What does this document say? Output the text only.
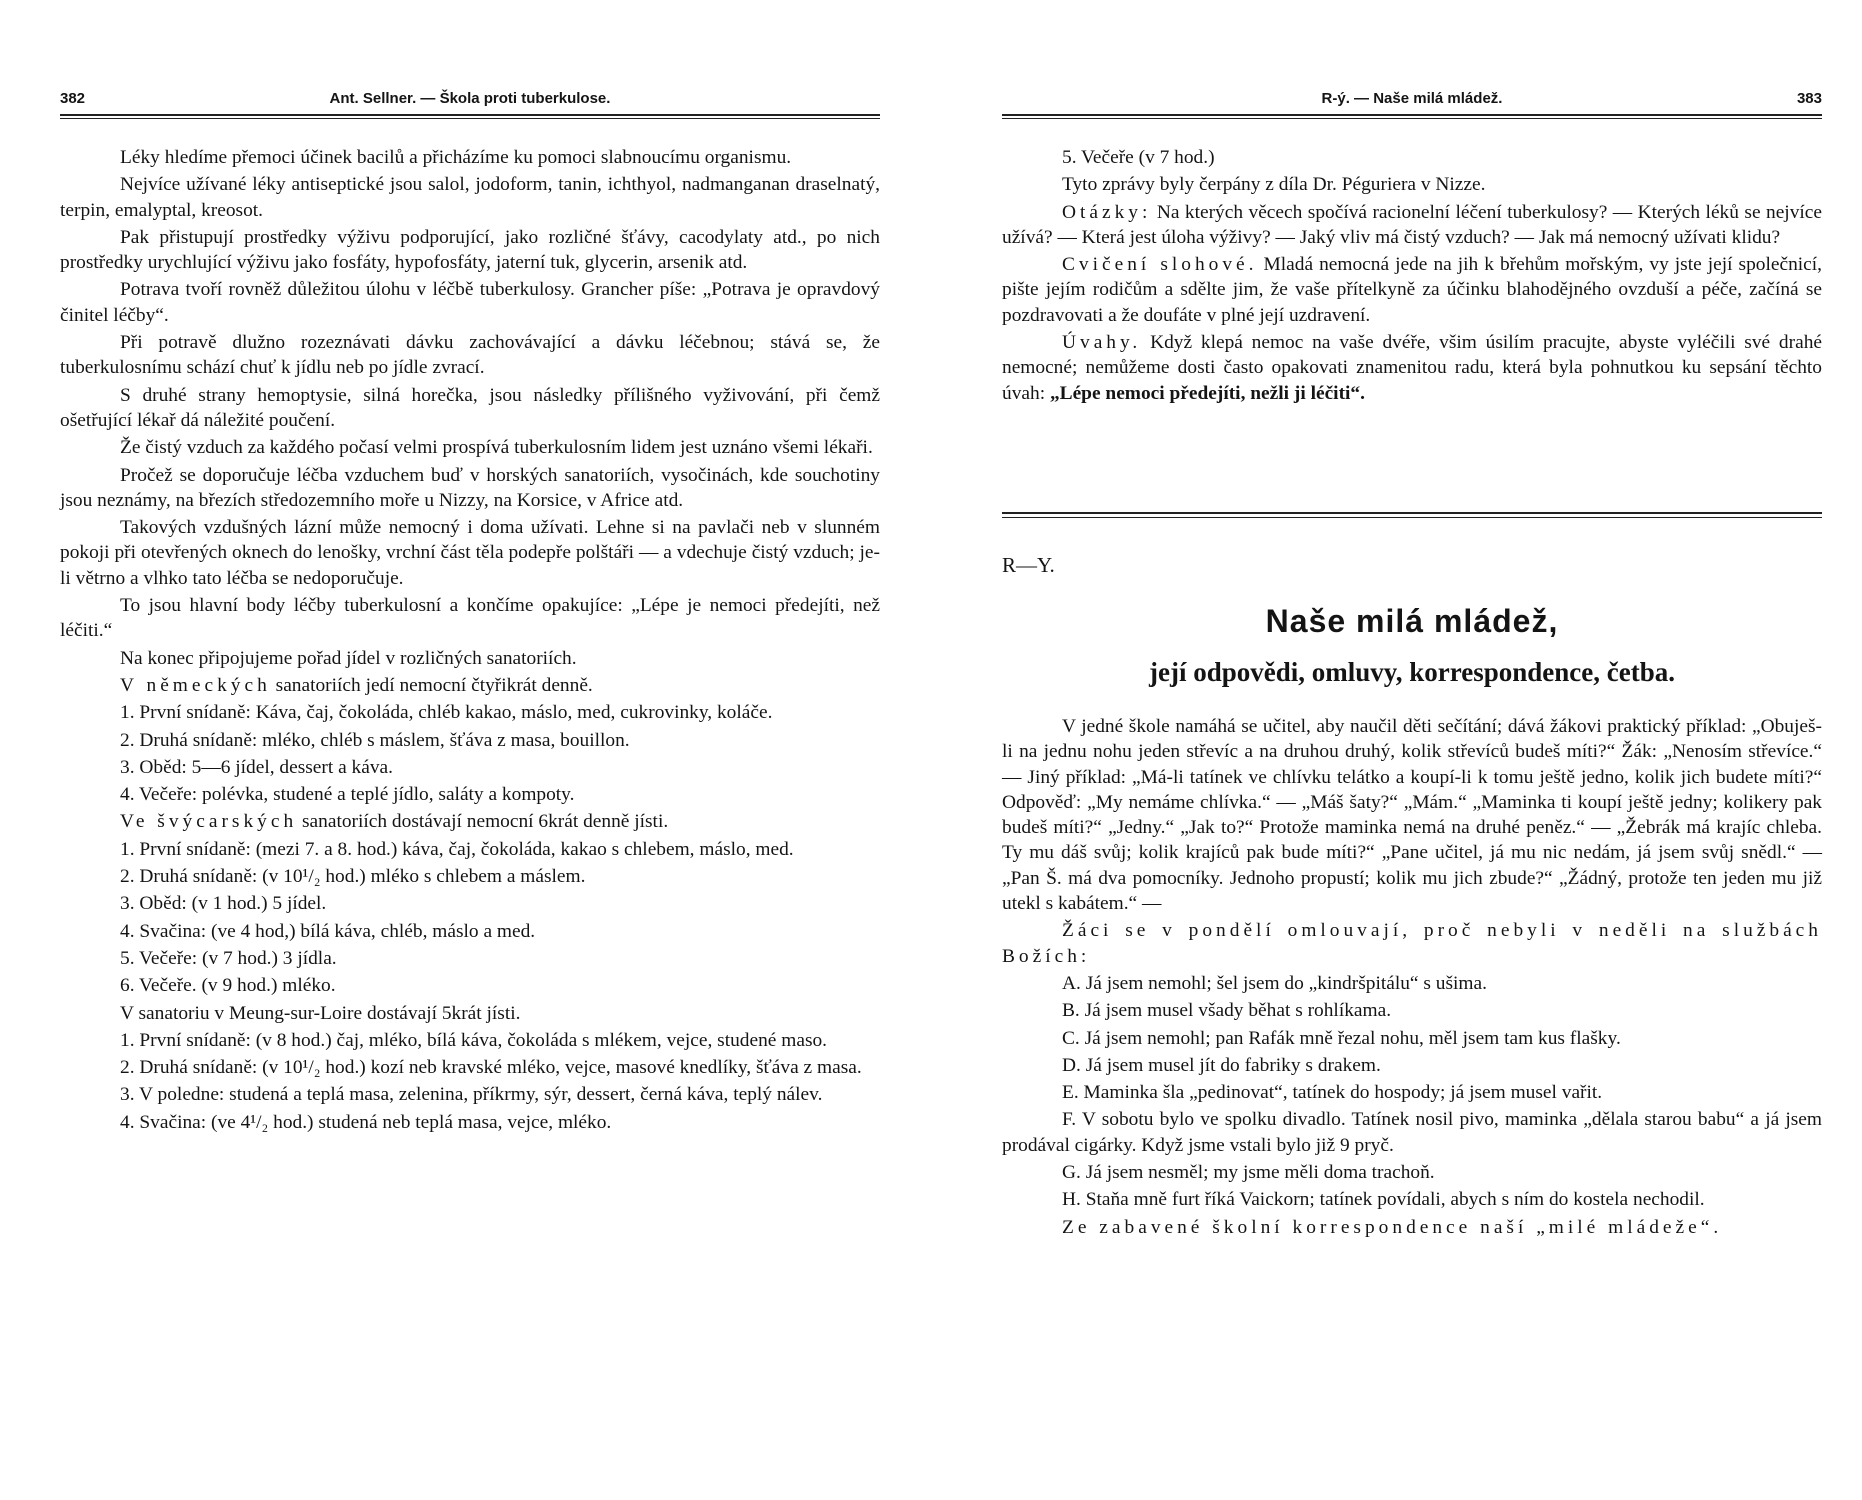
382	Ant. Sellner. — Škola proti tuberkulose.

Léky hledíme přemoci účinek bacilů a přicházíme ku pomoci slabnoucímu organismu.

Nejvíce užívané léky antiseptické jsou salol, jodoform, tanin, ichthyol, nadmanganan draselnatý, terpin, emalyptal, kreosot.

Pak přistupují prostředky výživu podporující, jako rozličné šťávy, cacodylaty atd., po nich prostředky urychlující výživu jako fosfáty, hypofosfáty, jaterní tuk, glycerin, arsenik atd.

Potrava tvoří rovněž důležitou úlohu v léčbě tuberkulosy. Grancher píše: „Potrava je opravdový činitel léčby“.

Při potravě dlužno rozeznávati dávku zachovávající a dávku léčebnou; stává se, že tuberkulosnímu schází chuť k jídlu neb po jídle zvrací.

S druhé strany hemoptysie, silná horečka, jsou následky přílišného vyživování, při čemž ošetřující lékař dá náležité poučení.

Že čistý vzduch za každého počasí velmi prospívá tuberkulosním lidem jest uznáno všemi lékaři.

Pročež se doporučuje léčba vzduchem buď v horských sanatoriích, vysočinách, kde souchotiny jsou neznámy, na březích středozemního moře u Nizzy, na Korsice, v Africe atd.

Takových vzdušných lázní může nemocný i doma užívati. Lehne si na pavlači neb v slunném pokoji při otevřených oknech do lenošky, vrchní část těla podepře polštáři — a vdechuje čistý vzduch; je-li větrno a vlhko tato léčba se nedoporučuje.

To jsou hlavní body léčby tuberkulosní a končíme opakujíce: „Lépe je nemoci předejíti, než léčiti.“

Na konec připojujeme pořad jídel v rozličných sanatoriích.

V německých sanatoriích jedí nemocní čtyřikrát denně.

1. První snídaně: Káva, čaj, čokoláda, chléb kakao, máslo, med, cukrovinky, koláče.

2. Druhá snídaně: mléko, chléb s máslem, šťáva z masa, bouillon.

3. Oběd: 5—6 jídel, dessert a káva.

4. Večeře: polévka, studené a teplé jídlo, saláty a kompoty.

Ve švýcarských sanatoriích dostávají nemocní 6krát denně jísti.

1. První snídaně: (mezi 7. a 8. hod.) káva, čaj, čokoláda, kakao s chlebem, máslo, med.

2. Druhá snídaně: (v 10¹/₂ hod.) mléko s chlebem a máslem.

3. Oběd: (v 1 hod.) 5 jídel.

4. Svačina: (ve 4 hod,) bílá káva, chléb, máslo a med.

5. Večeře: (v 7 hod.) 3 jídla.

6. Večeře. (v 9 hod.) mléko.

V sanatoriu v Meung-sur-Loire dostávají 5krát jísti.

1. První snídaně: (v 8 hod.) čaj, mléko, bílá káva, čokoláda s mlékem, vejce, studené maso.

2. Druhá snídaně: (v 10¹/₂ hod.) kozí neb kravské mléko, vejce, masové knedlíky, šťáva z masa.

3. V poledne: studená a teplá masa, zelenina, příkrmy, sýr, dessert, černá káva, teplý nálev.

4. Svačina: (ve 4¹/₂ hod.) studená neb teplá masa, vejce, mléko.

R-ý. — Naše milá mládež.	383

5. Večeře (v 7 hod.)

Tyto zprávy byly čerpány z díla Dr. Péguriera v Nizze.

Otázky: Na kterých věcech spočívá racionelní léčení tuberkulosy? — Kterých léků se nejvíce užívá? — Která jest úloha výživy? — Jaký vliv má čistý vzduch? — Jak má nemocný užívati klidu?

Cvičení slohové. Mladá nemocná jede na jih k břehům mořským, vy jste její společnicí, pište jejím rodičům a sdělte jim, že vaše přítelkyně za účinku blahodějného ovzduší a péče, začíná se pozdravovati a že doufáte v plné její uzdravení.

Úvahy. Když klepá nemoc na vaše dvéře, všim úsilím pracujte, abyste vyléčili své drahé nemocné; nemůžeme dosti často opakovati znamenitou radu, která byla pohnutkou ku sepsání těchto úvah: „Lépe nemoci předejíti, nežli ji léčiti“.

R—Y.
Naše milá mládež,
její odpovědi, omluvy, korrespondence, četba.

V jedné škole namáhá se učitel, aby naučil děti sečítání; dává žákovi praktický příklad: „Obuješ-li na jednu nohu jeden střevíc a na druhou druhý, kolik střevíců budeš míti?“ Žák: „Nenosím střevíce.“ — Jiný příklad: „Má-li tatínek ve chlívku telátko a koupí-li k tomu ještě jedno, kolik jich budete míti?“ Odpověď: „My nemáme chlívka.“ — „Máš šaty?“ „Mám.“ „Maminka ti koupí ještě jedny; kolikery pak budeš míti?“ „Jedny.“ „Jak to?“ Protože maminka nemá na druhé peněz.“ — „Žebrák má krajíc chleba. Ty mu dáš svůj; kolik krajíců pak bude míti?“ „Pane učitel, já mu nic nedám, já jsem svůj snědl.“ — „Pan Š. má dva pomocníky. Jednoho propustí; kolik mu jich zbude?“ „Žádný, protože ten jeden mu již utekl s kabátem.“ —

Žáci se v pondělí omlouvají, proč nebyli v neděli na službách Božích:

A. Já jsem nemohl; šel jsem do „kindršpitálu“ s ušima.

B. Já jsem musel všady běhat s rohlíkama.

C. Já jsem nemohl; pan Rafák mně řezal nohu, měl jsem tam kus flašky.

D. Já jsem musel jít do fabriky s drakem.

E. Maminka šla „pedinovat“, tatínek do hospody; já jsem musel vařit.

F. V sobotu bylo ve spolku divadlo. Tatínek nosil pivo, maminka „dělala starou babu“ a já jsem prodával cigárky. Když jsme vstali bylo již 9 pryč.

G. Já jsem nesměl; my jsme měli doma trachoň.

H. Staňa mně furt říká Vaickorn; tatínek povídali, abych s ním do kostela nechodil.

Ze zabavené školní korrespondence naší „milé mládeže“.
